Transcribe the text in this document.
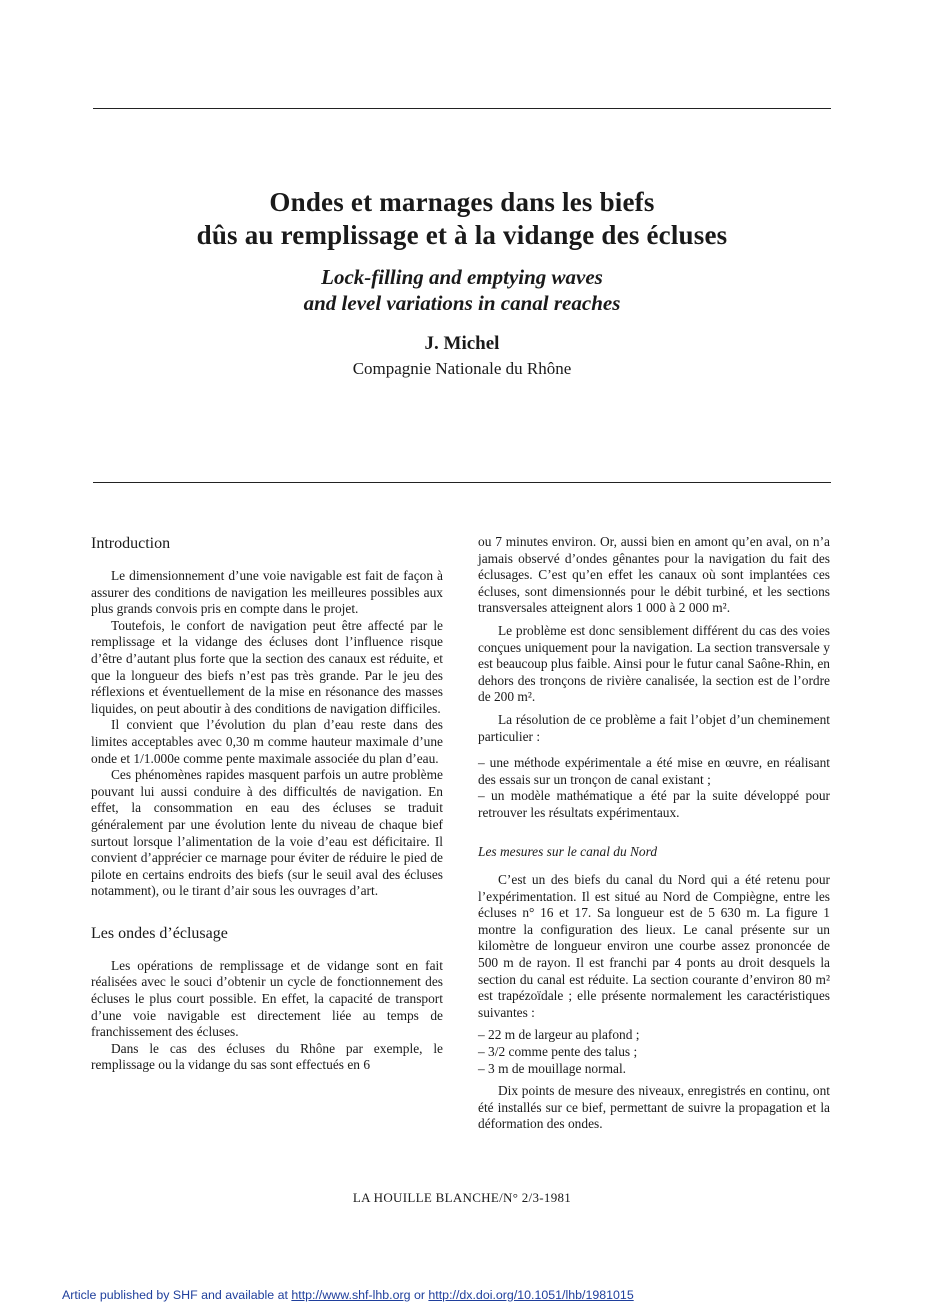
Ondes et marnages dans les biefs
dûs au remplissage et à la vidange des écluses

Lock-filling and emptying waves
and level variations in canal reaches

J. Michel

Compagnie Nationale du Rhône

Introduction

Le dimensionnement d’une voie navigable est fait de façon à assurer des conditions de navigation les meilleures possibles aux plus grands convois pris en compte dans le projet.

Toutefois, le confort de navigation peut être affecté par le remplissage et la vidange des écluses dont l’influence risque d’être d’autant plus forte que la section des canaux est réduite, et que la longueur des biefs n’est pas très grande. Par le jeu des réflexions et éventuellement de la mise en résonance des masses liquides, on peut aboutir à des conditions de navigation difficiles.

Il convient que l’évolution du plan d’eau reste dans des limites acceptables avec 0,30 m comme hauteur maximale d’une onde et 1/1.000e comme pente maximale associée du plan d’eau.

Ces phénomènes rapides masquent parfois un autre problème pouvant lui aussi conduire à des difficultés de navigation. En effet, la consommation en eau des écluses se traduit généralement par une évolution lente du niveau de chaque bief surtout lorsque l’alimentation de la voie d’eau est déficitaire. Il convient d’apprécier ce marnage pour éviter de réduire le pied de pilote en certains endroits des biefs (sur le seuil aval des écluses notamment), ou le tirant d’air sous les ouvrages d’art.

Les ondes d’éclusage

Les opérations de remplissage et de vidange sont en fait réalisées avec le souci d’obtenir un cycle de fonctionnement des écluses le plus court possible. En effet, la capacité de transport d’une voie navigable est directement liée au temps de franchissement des écluses.

Dans le cas des écluses du Rhône par exemple, le remplissage ou la vidange du sas sont effectués en 6

ou 7 minutes environ. Or, aussi bien en amont qu’en aval, on n’a jamais observé d’ondes gênantes pour la navigation du fait des éclusages. C’est qu’en effet les canaux où sont implantées ces écluses, sont dimensionnés pour le débit turbiné, et les sections transversales atteignent alors 1 000 à 2 000 m².

Le problème est donc sensiblement différent du cas des voies conçues uniquement pour la navigation. La section transversale y est beaucoup plus faible. Ainsi pour le futur canal Saône-Rhin, en dehors des tronçons de rivière canalisée, la section est de l’ordre de 200 m².

La résolution de ce problème a fait l’objet d’un cheminement particulier :

– une méthode expérimentale a été mise en œuvre, en réalisant des essais sur un tronçon de canal existant ;
– un modèle mathématique a été par la suite développé pour retrouver les résultats expérimentaux.
Les mesures sur le canal du Nord

C’est un des biefs du canal du Nord qui a été retenu pour l’expérimentation. Il est situé au Nord de Compiègne, entre les écluses n° 16 et 17. Sa longueur est de 5 630 m. La figure 1 montre la configuration des lieux. Le canal présente sur un kilomètre de longueur environ une courbe assez prononcée de 500 m de rayon. Il est franchi par 4 ponts au droit desquels la section du canal est réduite. La section courante d’environ 80 m² est trapézoïdale ; elle présente normalement les caractéristiques suivantes :

– 22 m de largeur au plafond ;
– 3/2 comme pente des talus ;
– 3 m de mouillage normal.

Dix points de mesure des niveaux, enregistrés en continu, ont été installés sur ce bief, permettant de suivre la propagation et la déformation des ondes.

LA HOUILLE BLANCHE/N° 2/3-1981
Article published by SHF and available at http://www.shf-lhb.org or http://dx.doi.org/10.1051/lhb/1981015
